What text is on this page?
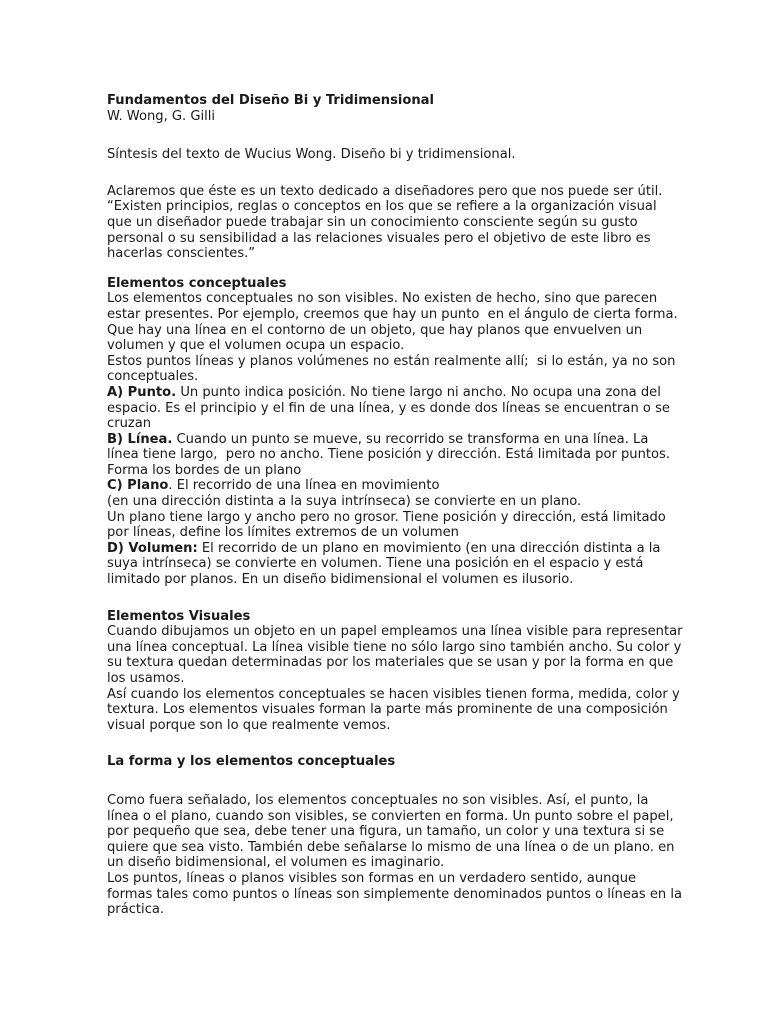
Fundamentos del Diseño Bi y Tridimensional
W. Wong, G. Gilli
Síntesis del texto de Wucius Wong. Diseño bi y tridimensional.
Aclaremos que éste es un texto dedicado a diseñadores pero que nos puede ser útil.
“Existen principios, reglas o conceptos en los que se refiere a la organización visual
que un diseñador puede trabajar sin un conocimiento consciente según su gusto
personal o su sensibilidad a las relaciones visuales pero el objetivo de este libro es
hacerlas conscientes.”
Elementos conceptuales
Los elementos conceptuales no son visibles. No existen de hecho, sino que parecen
estar presentes. Por ejemplo, creemos que hay un punto  en el ángulo de cierta forma.
Que hay una línea en el contorno de un objeto, que hay planos que envuelven un
volumen y que el volumen ocupa un espacio.
Estos puntos líneas y planos volúmenes no están realmente allí;  si lo están, ya no son
conceptuales.
A) Punto. Un punto indica posición. No tiene largo ni ancho. No ocupa una zona del
espacio. Es el principio y el fin de una línea, y es donde dos líneas se encuentran o se
cruzan
B) Línea. Cuando un punto se mueve, su recorrido se transforma en una línea. La
línea tiene largo,  pero no ancho. Tiene posición y dirección. Está limitada por puntos.
Forma los bordes de un plano
C) Plano. El recorrido de una línea en movimiento
(en una dirección distinta a la suya intrínseca) se convierte en un plano.
Un plano tiene largo y ancho pero no grosor. Tiene posición y dirección, está limitado
por líneas, define los límites extremos de un volumen
D) Volumen: El recorrido de un plano en movimiento (en una dirección distinta a la
suya intrínseca) se convierte en volumen. Tiene una posición en el espacio y está
limitado por planos. En un diseño bidimensional el volumen es ilusorio.
Elementos Visuales
Cuando dibujamos un objeto en un papel empleamos una línea visible para representar
una línea conceptual. La línea visible tiene no sólo largo sino también ancho. Su color y
su textura quedan determinadas por los materiales que se usan y por la forma en que
los usamos.
Así cuando los elementos conceptuales se hacen visibles tienen forma, medida, color y
textura. Los elementos visuales forman la parte más prominente de una composición
visual porque son lo que realmente vemos.
La forma y los elementos conceptuales
Como fuera señalado, los elementos conceptuales no son visibles. Así, el punto, la
línea o el plano, cuando son visibles, se convierten en forma. Un punto sobre el papel,
por pequeño que sea, debe tener una figura, un tamaño, un color y una textura si se
quiere que sea visto. También debe señalarse lo mismo de una línea o de un plano. en
un diseño bidimensional, el volumen es imaginario.
Los puntos, líneas o planos visibles son formas en un verdadero sentido, aunque
formas tales como puntos o líneas son simplemente denominados puntos o líneas en la
práctica.
